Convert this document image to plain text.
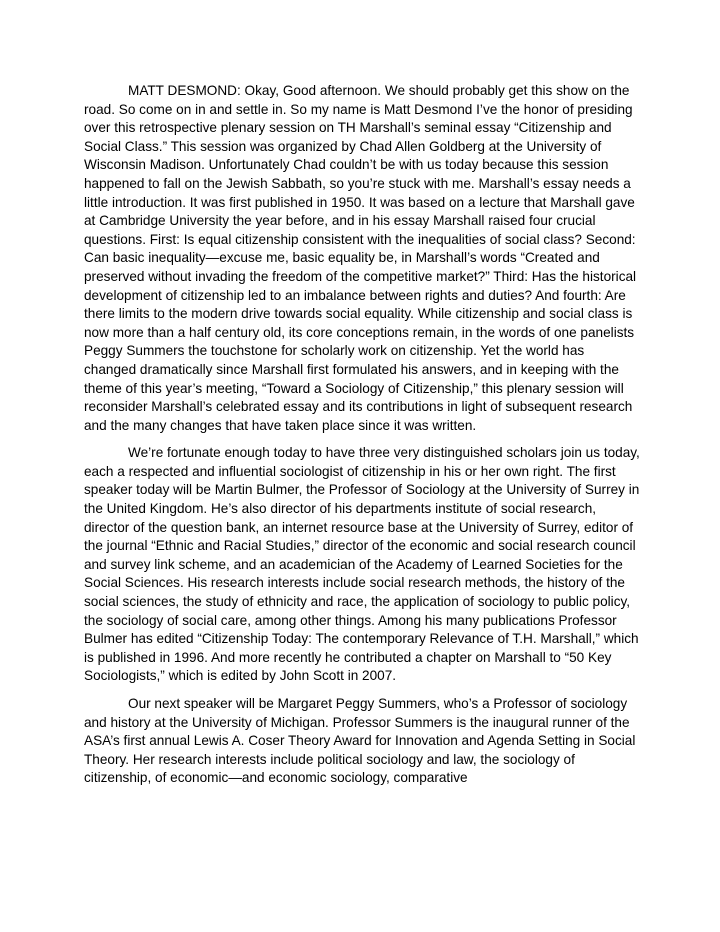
MATT DESMOND: Okay, Good afternoon. We should probably get this show on the road. So come on in and settle in. So my name is Matt Desmond I’ve the honor of presiding over this retrospective plenary session on TH Marshall’s seminal essay “Citizenship and Social Class.” This session was organized by Chad Allen Goldberg at the University of Wisconsin Madison. Unfortunately Chad couldn’t be with us today because this session happened to fall on the Jewish Sabbath, so you’re stuck with me. Marshall’s essay needs a little introduction. It was first published in 1950. It was based on a lecture that Marshall gave at Cambridge University the year before, and in his essay Marshall raised four crucial questions. First: Is equal citizenship consistent with the inequalities of social class? Second: Can basic inequality—excuse me, basic equality be, in Marshall’s words “Created and preserved without invading the freedom of the competitive market?” Third: Has the historical development of citizenship led to an imbalance between rights and duties? And fourth: Are there limits to the modern drive towards social equality. While citizenship and social class is now more than a half century old, its core conceptions remain, in the words of one panelists Peggy Summers the touchstone for scholarly work on citizenship. Yet the world has changed dramatically since Marshall first formulated his answers, and in keeping with the theme of this year’s meeting, “Toward a Sociology of Citizenship,” this plenary session will reconsider Marshall’s celebrated essay and its contributions in light of subsequent research and the many changes that have taken place since it was written.

We’re fortunate enough today to have three very distinguished scholars join us today, each a respected and influential sociologist of citizenship in his or her own right. The first speaker today will be Martin Bulmer, the Professor of Sociology at the University of Surrey in the United Kingdom. He’s also director of his departments institute of social research, director of the question bank, an internet resource base at the University of Surrey, editor of the journal “Ethnic and Racial Studies,” director of the economic and social research council and survey link scheme, and an academician of the Academy of Learned Societies for the Social Sciences. His research interests include social research methods, the history of the social sciences, the study of ethnicity and race, the application of sociology to public policy, the sociology of social care, among other things. Among his many publications Professor Bulmer has edited “Citizenship Today: The contemporary Relevance of T.H. Marshall,” which is published in 1996. And more recently he contributed a chapter on Marshall to “50 Key Sociologists,” which is edited by John Scott in 2007.

Our next speaker will be Margaret Peggy Summers, who’s a Professor of sociology and history at the University of Michigan. Professor Summers is the inaugural runner of the ASA’s first annual Lewis A. Coser Theory Award for Innovation and Agenda Setting in Social Theory. Her research interests include political sociology and law, the sociology of citizenship, of economic—and economic sociology, comparative
